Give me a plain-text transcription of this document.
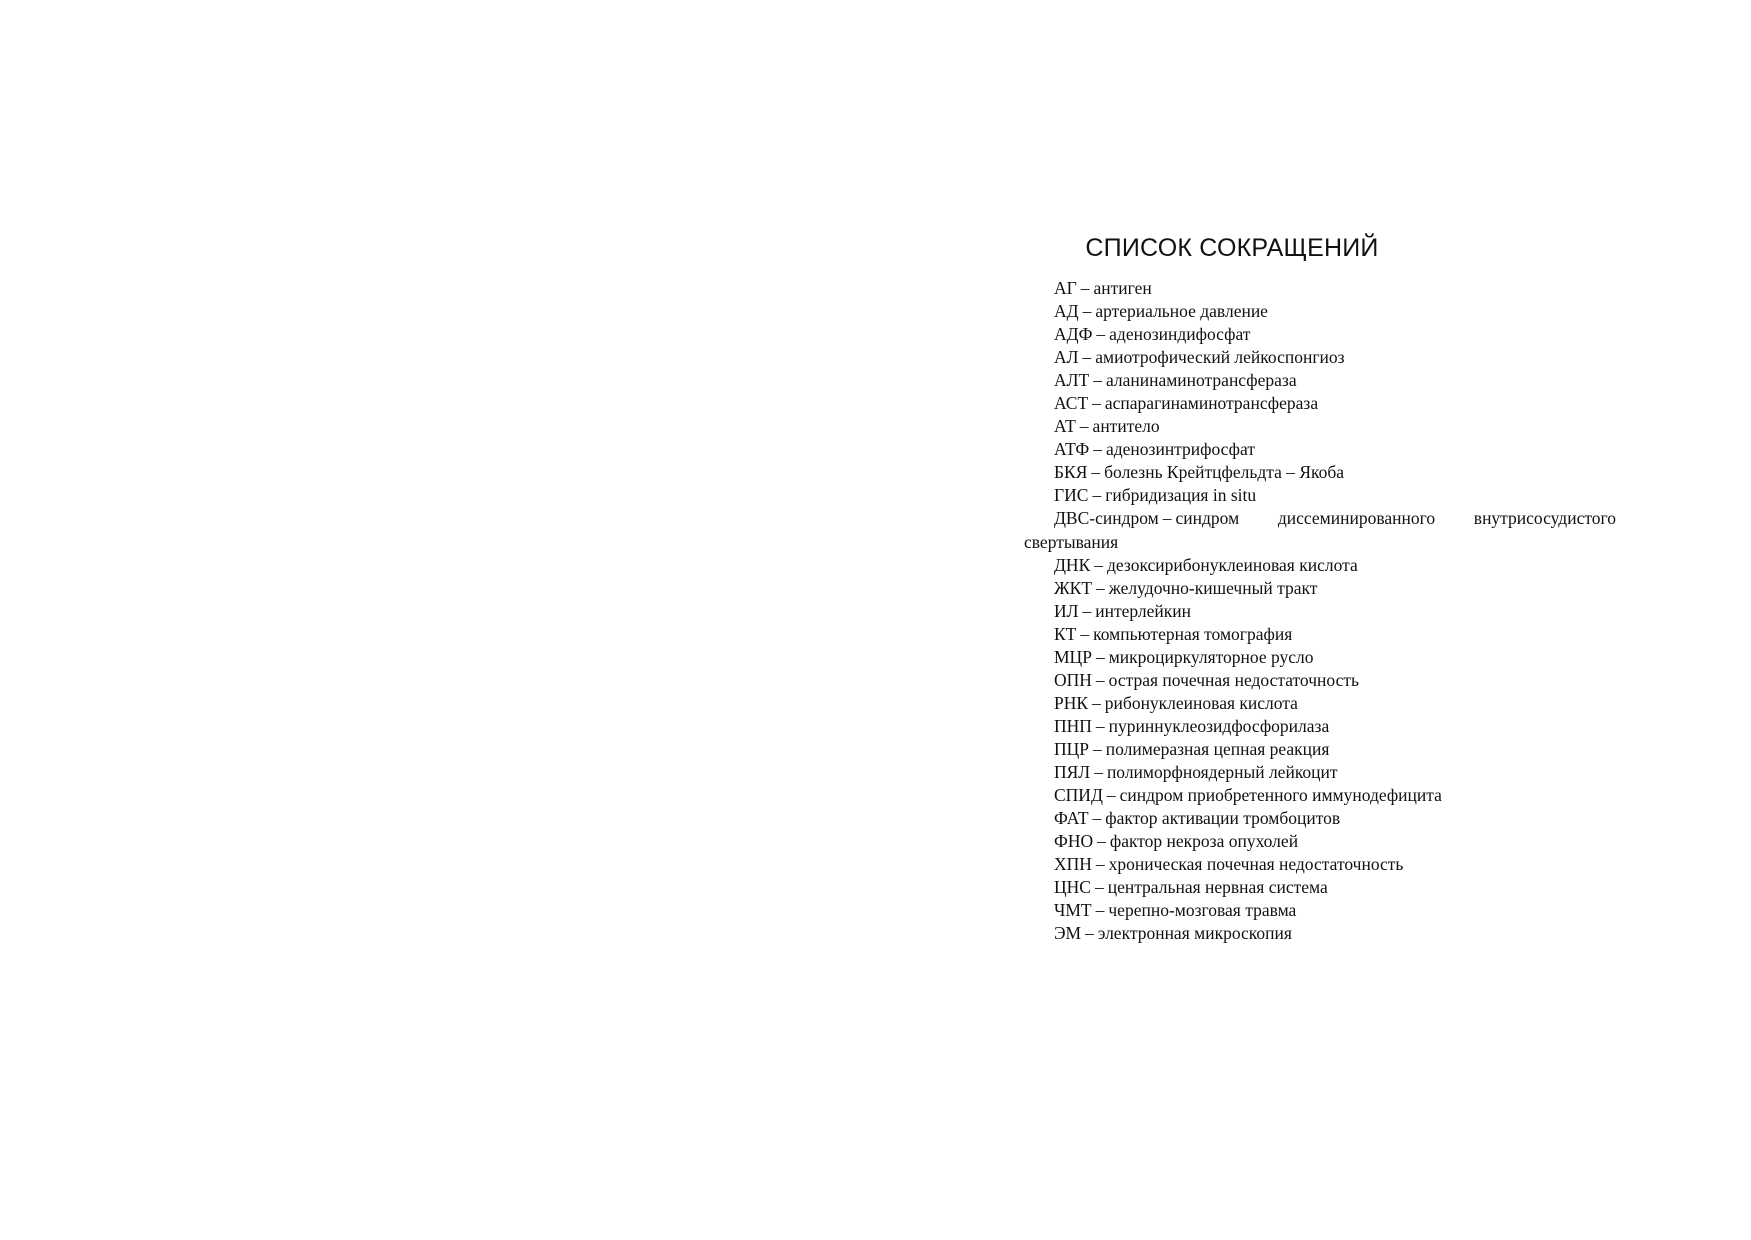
СПИСОК СОКРАЩЕНИЙ
АГ – антиген
АД – артериальное давление
АДФ – аденозиндифосфат
АЛ – амиотрофический лейкоспонгиоз
АЛТ – аланинаминотрансфераза
АСТ – аспарагинаминотрансфераза
АТ – антитело
АТФ – аденозинтрифосфат
БКЯ – болезнь Крейтцфельдта – Якоба
ГИС – гибридизация in situ
ДВС-синдром – синдром диссеминированного внутрисосудистого свертывания
ДНК – дезоксирибонуклеиновая кислота
ЖКТ – желудочно-кишечный тракт
ИЛ – интерлейкин
КТ – компьютерная томография
МЦР – микроциркуляторное русло
ОПН – острая почечная недостаточность
РНК – рибонуклеиновая кислота
ПНП – пуриннуклеозидфосфорилаза
ПЦР – полимеразная цепная реакция
ПЯЛ – полиморфноядерный лейкоцит
СПИД – синдром приобретенного иммунодефицита
ФАТ – фактор активации тромбоцитов
ФНО – фактор некроза опухолей
ХПН – хроническая почечная недостаточность
ЦНС – центральная нервная система
ЧМТ – черепно-мозговая травма
ЭМ – электронная микроскопия
